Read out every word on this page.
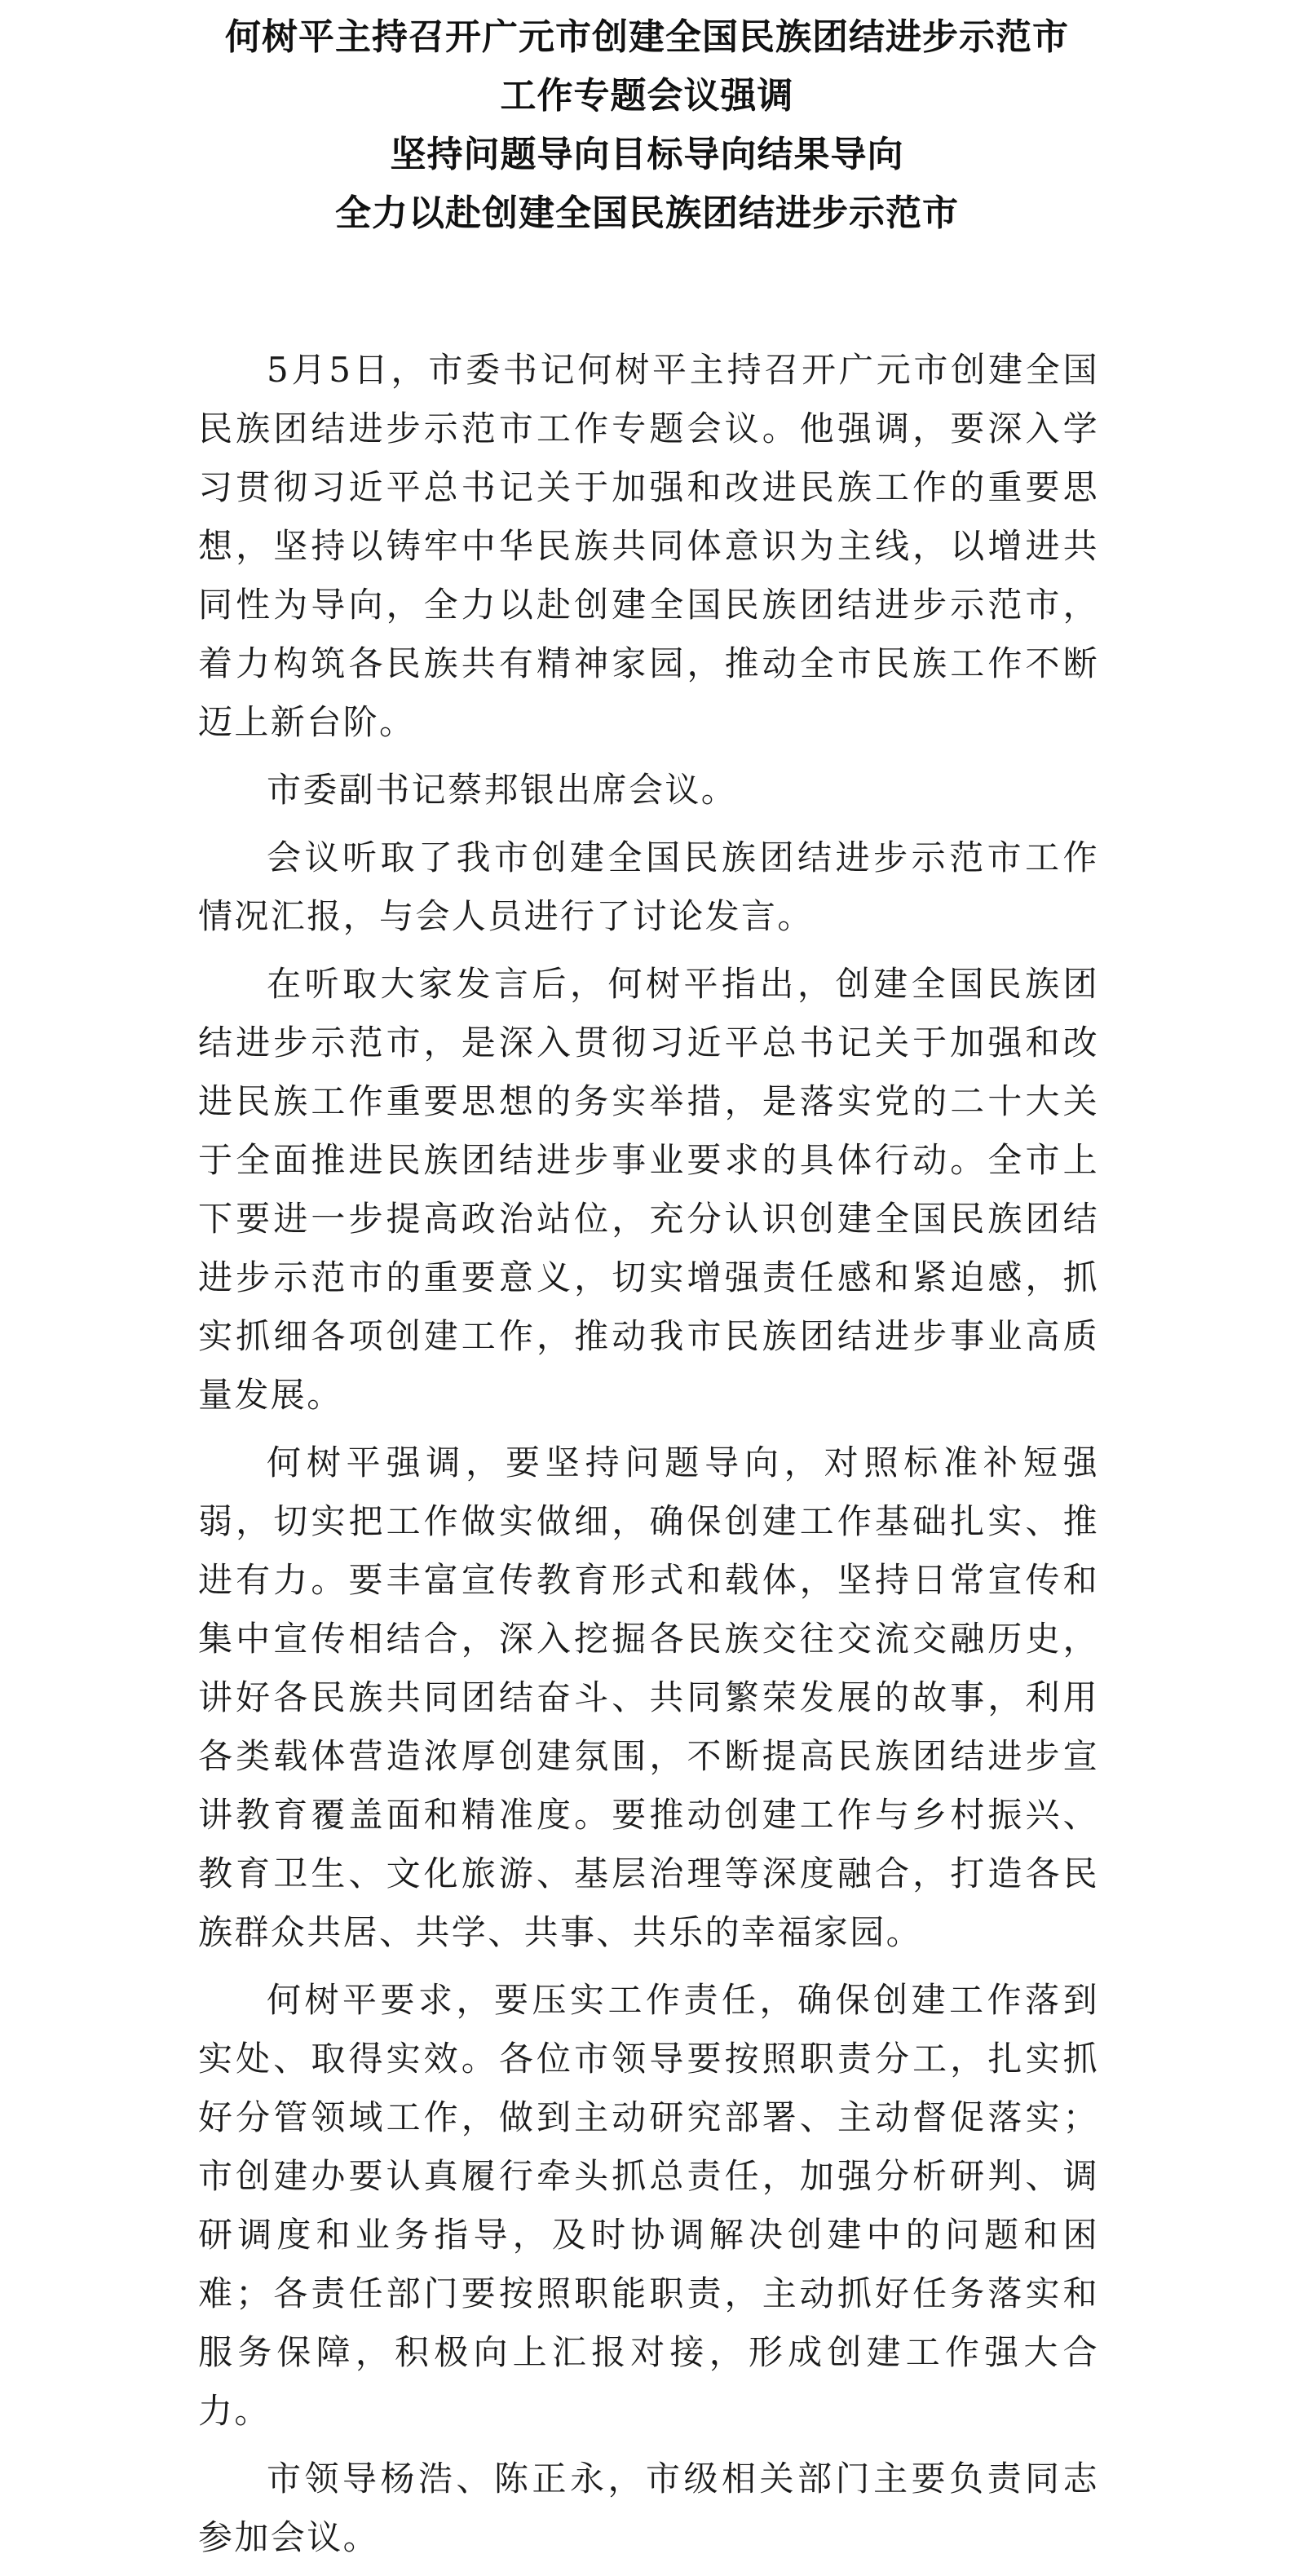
何树平主持召开广元市创建全国民族团结进步示范市
工作专题会议强调
坚持问题导向目标导向结果导向
全力以赴创建全国民族团结进步示范市

5月5日，市委书记何树平主持召开广元市创建全国民族团结进步示范市工作专题会议。他强调，要深入学习贯彻习近平总书记关于加强和改进民族工作的重要思想，坚持以铸牢中华民族共同体意识为主线，以增进共同性为导向，全力以赴创建全国民族团结进步示范市，着力构筑各民族共有精神家园，推动全市民族工作不断迈上新台阶。

市委副书记蔡邦银出席会议。

会议听取了我市创建全国民族团结进步示范市工作情况汇报，与会人员进行了讨论发言。

在听取大家发言后，何树平指出，创建全国民族团结进步示范市，是深入贯彻习近平总书记关于加强和改进民族工作重要思想的务实举措，是落实党的二十大关于全面推进民族团结进步事业要求的具体行动。全市上下要进一步提高政治站位，充分认识创建全国民族团结进步示范市的重要意义，切实增强责任感和紧迫感，抓实抓细各项创建工作，推动我市民族团结进步事业高质量发展。

何树平强调，要坚持问题导向，对照标准补短强弱，切实把工作做实做细，确保创建工作基础扎实、推进有力。要丰富宣传教育形式和载体，坚持日常宣传和集中宣传相结合，深入挖掘各民族交往交流交融历史，讲好各民族共同团结奋斗、共同繁荣发展的故事，利用各类载体营造浓厚创建氛围，不断提高民族团结进步宣讲教育覆盖面和精准度。要推动创建工作与乡村振兴、教育卫生、文化旅游、基层治理等深度融合，打造各民族群众共居、共学、共事、共乐的幸福家园。

何树平要求，要压实工作责任，确保创建工作落到实处、取得实效。各位市领导要按照职责分工，扎实抓好分管领域工作，做到主动研究部署、主动督促落实；市创建办要认真履行牵头抓总责任，加强分析研判、调研调度和业务指导，及时协调解决创建中的问题和困难；各责任部门要按照职能职责，主动抓好任务落实和服务保障，积极向上汇报对接，形成创建工作强大合力。

市领导杨浩、陈正永，市级相关部门主要负责同志参加会议。
